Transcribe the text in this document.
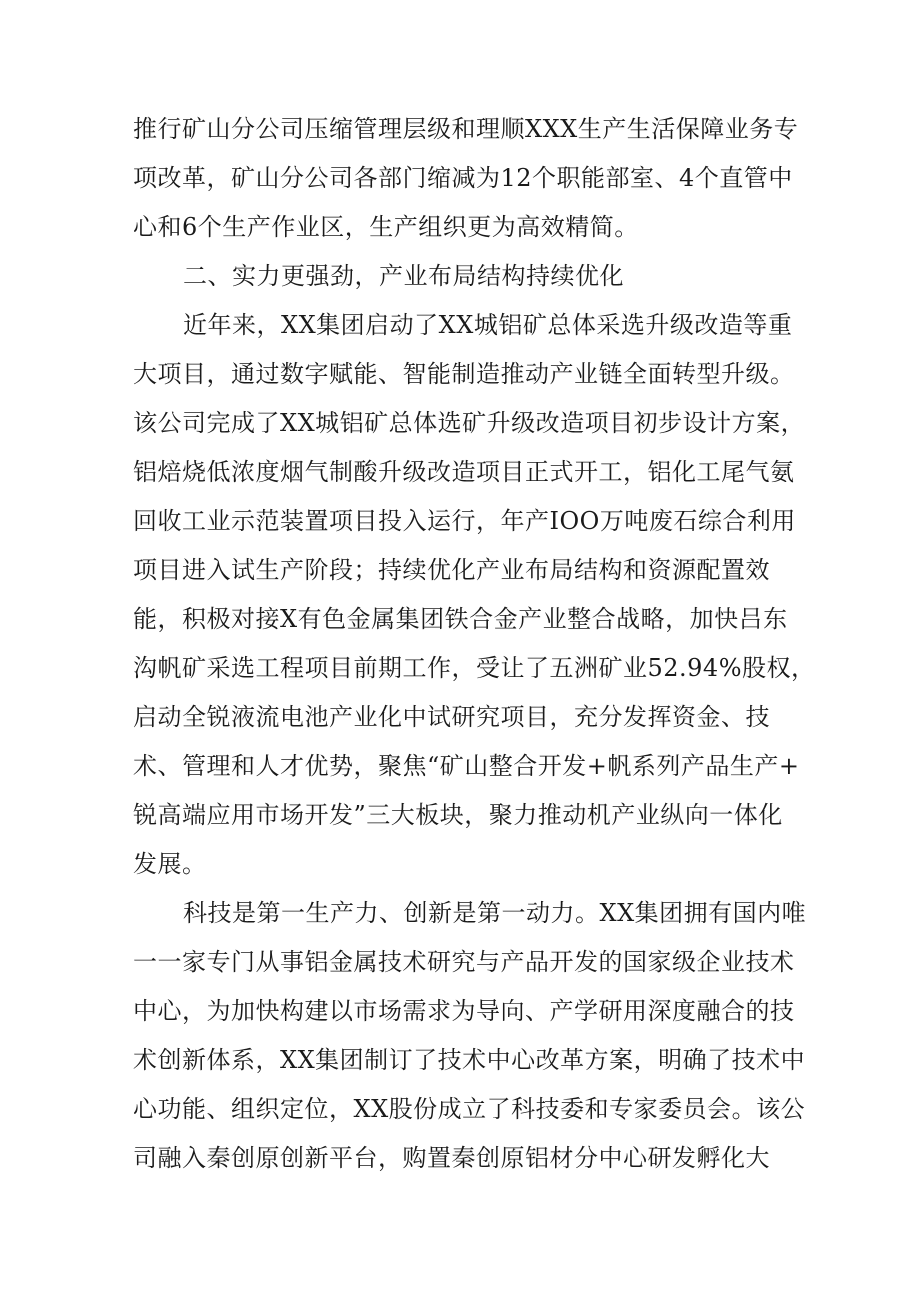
推行矿山分公司压缩管理层级和理顺XXX生产生活保障业务专
项改革，矿山分公司各部门缩减为12个职能部室、4个直管中
心和6个生产作业区，生产组织更为高效精简。
二、实力更强劲，产业布局结构持续优化
近年来，XX集团启动了XX城铝矿总体采选升级改造等重
大项目，通过数字赋能、智能制造推动产业链全面转型升级。
该公司完成了XX城铝矿总体选矿升级改造项目初步设计方案，
铝焙烧低浓度烟气制酸升级改造项目正式开工，铝化工尾气氨
回收工业示范装置项目投入运行，年产IOO万吨废石综合利用
项目进入试生产阶段；持续优化产业布局结构和资源配置效
能，积极对接X有色金属集团铁合金产业整合战略，加快吕东
沟帆矿采选工程项目前期工作，受让了五洲矿业52.94%股权，
启动全锐液流电池产业化中试研究项目，充分发挥资金、技
术、管理和人才优势，聚焦“矿山整合开发+帆系列产品生产+
锐高端应用市场开发”三大板块，聚力推动机产业纵向一体化
发展。
科技是第一生产力、创新是第一动力。XX集团拥有国内唯
一一家专门从事铝金属技术研究与产品开发的国家级企业技术
中心，为加快构建以市场需求为导向、产学研用深度融合的技
术创新体系，XX集团制订了技术中心改革方案，明确了技术中
心功能、组织定位，XX股份成立了科技委和专家委员会。该公
司融入秦创原创新平台，购置秦创原铝材分中心研发孵化大
